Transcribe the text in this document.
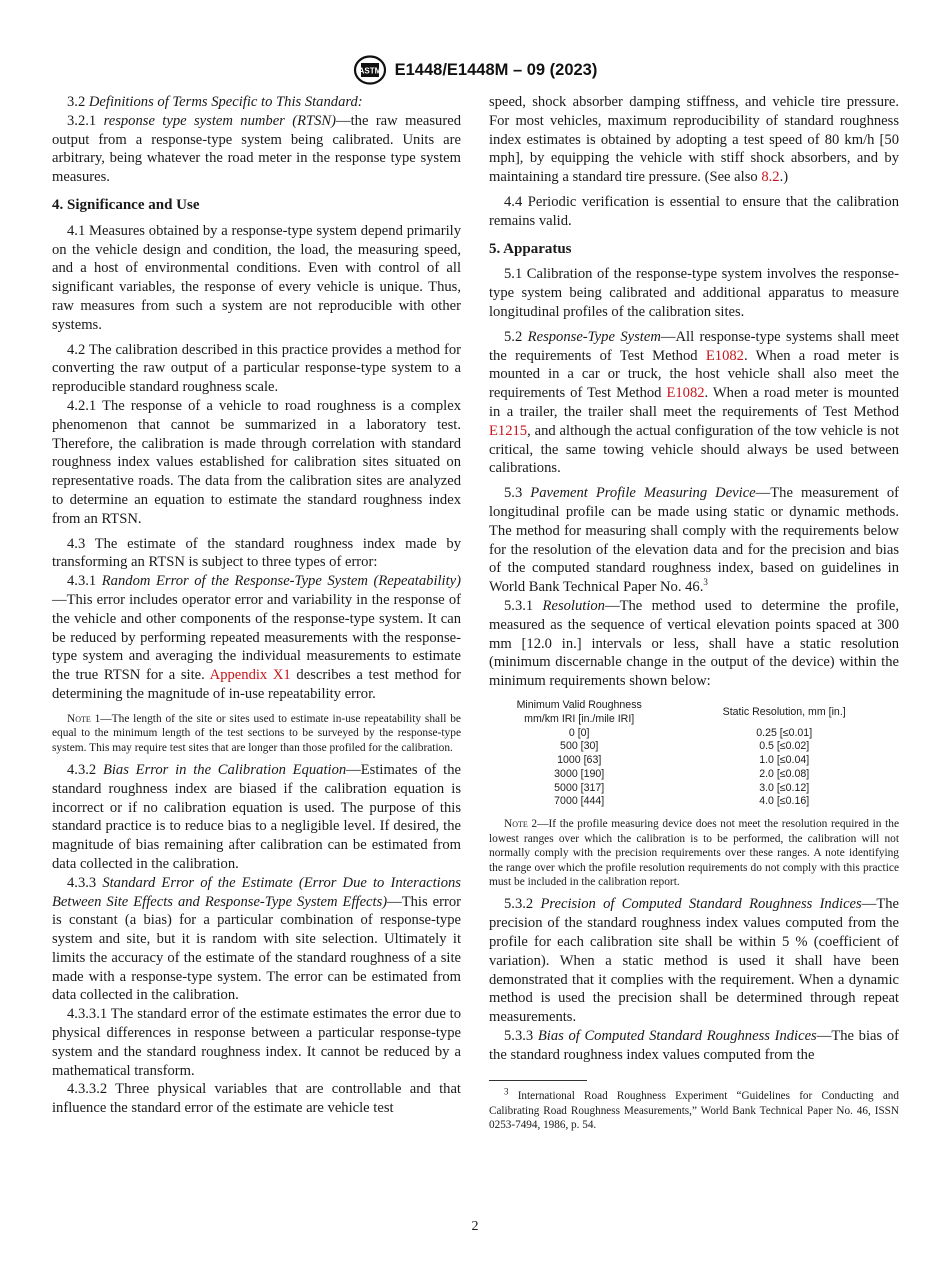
ASTM E1448/E1448M – 09 (2023)

3.2 Definitions of Terms Specific to This Standard:

3.2.1 response type system number (RTSN)—the raw measured output from a response-type system being calibrated. Units are arbitrary, being whatever the road meter in the response type system measures.

4. Significance and Use

4.1 Measures obtained by a response-type system depend primarily on the vehicle design and condition, the load, the measuring speed, and a host of environmental conditions. Even with control of all significant variables, the response of every vehicle is unique. Thus, raw measures from such a system are not reproducible with other systems.

4.2 The calibration described in this practice provides a method for converting the raw output of a particular response-type system to a reproducible standard roughness scale.

4.2.1 The response of a vehicle to road roughness is a complex phenomenon that cannot be summarized in a laboratory test. Therefore, the calibration is made through correlation with standard roughness index values established for calibration sites situated on representative roads. The data from the calibration sites are analyzed to determine an equation to estimate the standard roughness index from an RTSN.

4.3 The estimate of the standard roughness index made by transforming an RTSN is subject to three types of error:

4.3.1 Random Error of the Response-Type System (Repeatability)—This error includes operator error and variability in the response of the vehicle and other components of the response-type system. It can be reduced by performing repeated measurements with the response-type system and averaging the individual measurements to estimate the true RTSN for a site. Appendix X1 describes a test method for determining the magnitude of in-use repeatability error.

Note 1—The length of the site or sites used to estimate in-use repeatability shall be equal to the minimum length of the test sections to be surveyed by the response-type system. This may require test sites that are longer than those profiled for the calibration.

4.3.2 Bias Error in the Calibration Equation—Estimates of the standard roughness index are biased if the calibration equation is incorrect or if no calibration equation is used. The purpose of this standard practice is to reduce bias to a negligible level. If desired, the magnitude of bias remaining after calibration can be estimated from data collected in the calibration.

4.3.3 Standard Error of the Estimate (Error Due to Interactions Between Site Effects and Response-Type System Effects)—This error is constant (a bias) for a particular combination of response-type system and site, but it is random with site selection. Ultimately it limits the accuracy of the estimate of the standard roughness of a site made with a response-type system. The error can be estimated from data collected in the calibration.

4.3.3.1 The standard error of the estimate estimates the error due to physical differences in response between a particular response-type system and the standard roughness index. It cannot be reduced by a mathematical transform.

4.3.3.2 Three physical variables that are controllable and that influence the standard error of the estimate are vehicle test

speed, shock absorber damping stiffness, and vehicle tire pressure. For most vehicles, maximum reproducibility of standard roughness index estimates is obtained by adopting a test speed of 80 km/h [50 mph], by equipping the vehicle with stiff shock absorbers, and by maintaining a standard tire pressure. (See also 8.2.)

4.4 Periodic verification is essential to ensure that the calibration remains valid.

5. Apparatus

5.1 Calibration of the response-type system involves the response-type system being calibrated and additional apparatus to measure longitudinal profiles of the calibration sites.

5.2 Response-Type System—All response-type systems shall meet the requirements of Test Method E1082. When a road meter is mounted in a car or truck, the host vehicle shall also meet the requirements of Test Method E1082. When a road meter is mounted in a trailer, the trailer shall meet the requirements of Test Method E1215, and although the actual configuration of the tow vehicle is not critical, the same towing vehicle should always be used between calibrations.

5.3 Pavement Profile Measuring Device—The measurement of longitudinal profile can be made using static or dynamic methods. The method for measuring shall comply with the requirements below for the resolution of the elevation data and for the precision and bias of the computed standard roughness index, based on guidelines in World Bank Technical Paper No. 46.$^3$

5.3.1 Resolution—The method used to determine the profile, measured as the sequence of vertical elevation points spaced at 300 mm [12.0 in.] intervals or less, shall have a static resolution (minimum discernable change in the output of the device) within the minimum requirements shown below:

Minimum Valid Roughness
mm/km IRI [in./mile IRI]	Static Resolution, mm [in.]
0 [0]	0.25 [≤0.01]
500 [30]	0.5 [≤0.02]
1000 [63]	1.0 [≤0.04]
3000 [190]	2.0 [≤0.08]
5000 [317]	3.0 [≤0.12]
7000 [444]	4.0 [≤0.16]

Note 2—If the profile measuring device does not meet the resolution required in the lowest ranges over which the calibration is to be performed, the calibration will not normally comply with the precision requirements over these ranges. A note identifying the range over which the profile resolution requirements do not comply with this practice must be included in the calibration report.

5.3.2 Precision of Computed Standard Roughness Indices—The precision of the standard roughness index values computed from the profile for each calibration site shall be within 5 % (coefficient of variation). When a static method is used it shall have been demonstrated that it complies with the requirement. When a dynamic method is used the precision shall be determined through repeat measurements.

5.3.3 Bias of Computed Standard Roughness Indices—The bias of the standard roughness index values computed from the

$^3$ International Road Roughness Experiment “Guidelines for Conducting and Calibrating Road Roughness Measurements,” World Bank Technical Paper No. 46, ISSN 0253-7494, 1986, p. 54.

2
